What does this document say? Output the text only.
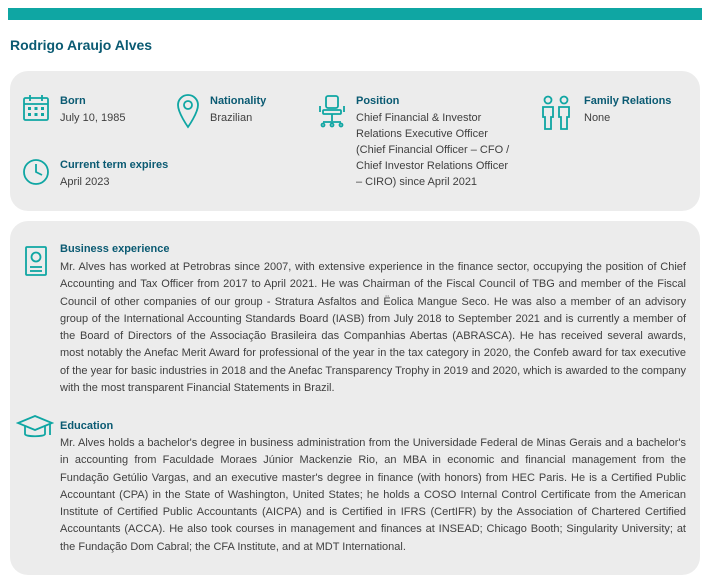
Rodrigo Araujo Alves
Born
July 10, 1985
Nationality
Brazilian
Position
Chief Financial & Investor
Relations Executive Officer
(Chief Financial Officer – CFO /
Chief Investor Relations Officer
– CIRO) since April 2021
Family Relations
None
Current term expires
April 2023
Business experience
Mr. Alves has worked at Petrobras since 2007, with extensive experience in the finance sector, occupying the position of Chief Accounting and Tax Officer from 2017 to April 2021. He was Chairman of the Fiscal Council of TBG and member of the Fiscal Council of other companies of our group - Stratura Asfaltos and Ëolica Mangue Seco. He was also a member of an advisory group of the International Accounting Standards Board (IASB) from July 2018 to September 2021 and is currently a member of the Board of Directors of the Associação Brasileira das Companhias Abertas (ABRASCA). He has received several awards, most notably the Anefac Merit Award for professional of the year in the tax category in 2020, the Confeb award for tax executive of the year for basic industries in 2018 and the Anefac Transparency Trophy in 2019 and 2020, which is awarded to the company with the most transparent Financial Statements in Brazil.
Education
Mr. Alves holds a bachelor's degree in business administration from the Universidade Federal de Minas Gerais and a bachelor's in accounting from Faculdade Moraes Júnior Mackenzie Rio, an MBA in economic and financial management from the Fundação Getúlio Vargas, and an executive master's degree in finance (with honors) from HEC Paris. He is a Certified Public Accountant (CPA) in the State of Washington, United States; he holds a COSO Internal Control Certificate from the American Institute of Certified Public Accountants (AICPA) and is Certified in IFRS (CertIFR) by the Association of Chartered Certified Accountants (ACCA). He also took courses in management and finances at INSEAD; Chicago Booth; Singularity University; at the Fundação Dom Cabral; the CFA Institute, and at MDT International.
